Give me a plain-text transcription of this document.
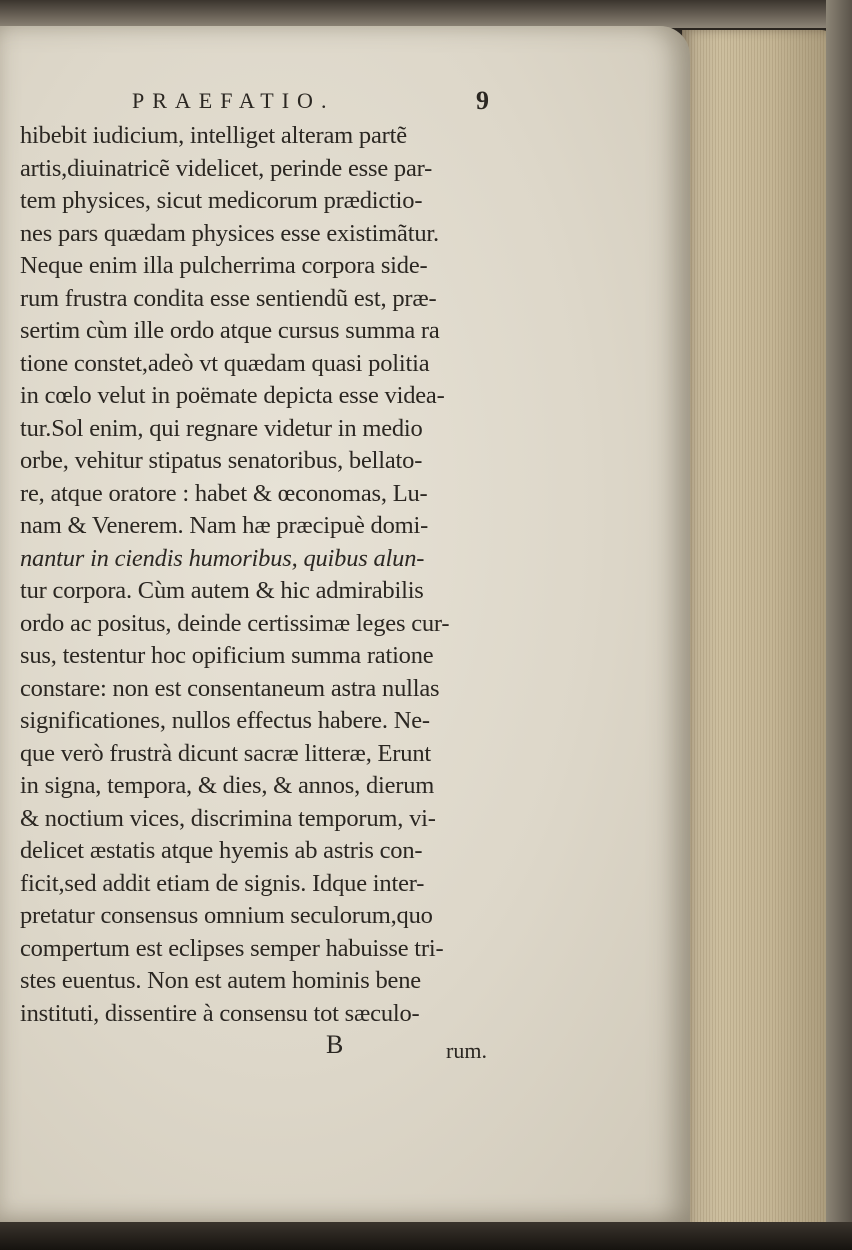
PRAEFATIO.	9
hibebit iudicium, intelliget alteram partẽ
artis,diuinatricẽ videlicet, perinde esse par-
tem physices, sicut medicorum prædictio-
nes pars quædam physices esse existimãtur.
Neque enim illa pulcherrima corpora side-
rum frustra condita esse sentiendũ est, præ-
sertim cùm ille ordo atque cursus summa ra
tione constet,adeò vt quædam quasi politia
in cœlo velut in poëmate depicta esse videa-
tur.Sol enim, qui regnare videtur in medio
orbe, vehitur stipatus senatoribus, bellato-
re, atque oratore : habet & œconomas, Lu-
nam & Venerem. Nam hæ præcipuè domi-
nantur in ciendis humoribus, quibus alun-
tur corpora. Cùm autem & hic admirabilis
ordo ac positus, deinde certissimæ leges cur-
sus, testentur hoc opificium summa ratione
constare: non est consentaneum astra nullas
significationes, nullos effectus habere. Ne-
que verò frustrà dicunt sacræ litteræ, Erunt
in signa, tempora, & dies, & annos, dierum
& noctium vices, discrimina temporum, vi-
delicet æstatis atque hyemis ab astris con-
ficit,sed addit etiam de signis. Idque inter-
pretatur consensus omnium seculorum,quo
compertum est eclipses semper habuisse tri-
stes euentus. Non est autem hominis bene
instituti, dissentire à consensu tot sæculo-
B	rum.
